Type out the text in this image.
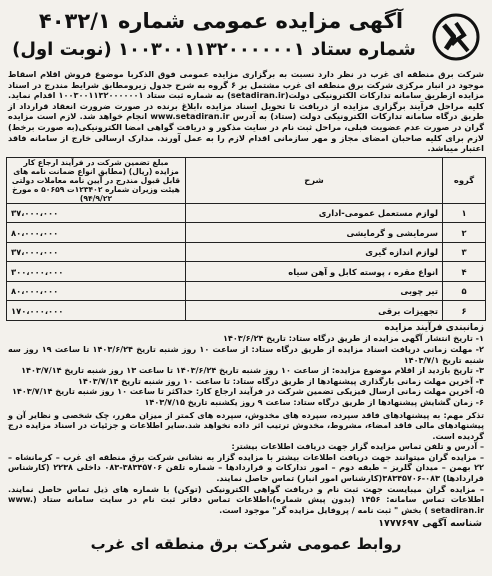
آگهی مزایده عمومی شماره ۴۰۳۲/۱
شماره ستاد ۱۰۰۳۰۰۱۱۳۲۰۰۰۰۰۰۱ (نوبت اول)
شرکت برق منطقه ای غرب در نظر دارد نسبت به برگزاری مزایده عمومی فوق الذکربا موضوع فروش اقلام اسقاط موجود در انبار مرکزی شرکت برق منطقه ای غرب مشتمل بر ۶ گروه به شرح جدول زیرومطابق شرایط مندرج در اسناد مزایده ازطریق سامانه تدارکات الکترونیکی دولت(setadiran.ir) به شماره ثبت ستاد ۱۰۰۳۰۰۱۱۳۲۰۰۰۰۰۰۱ اقدام نماید. کلیه مراحل فرآیند برگزاری مزایده از دریافت تا تحویل اسناد مزایده ،ابلاغ برنده در صورت ضرورت انعقاد قرارداد از طریق درگاه سامانه تدارکات الکترونیکی دولت (ستاد) به آدرس www.setadiran.ir انجام خواهد شد. لازم است مزایده گران در صورت عدم عضویت قبلی، مراحل ثبت نام در سایت مذکور و دریافت گواهی امضا الکترونیکی(به صورت برخط) لازم برای کلیه صاحبان امضای مجاز و مهر سازمانی اقدام لازم را به عمل آورند. مدارک ارسالی خارج از سامانه فاقد اعتبار میباشد.
گروه	شرح	مبلغ تضمین شرکت در فرآیند ارجاع کار مزایده (ریال) (مطابق انواع ضمانت نامه های قابل قبول مندرج در آیین نامه معاملات دولتی هیئت وزیران شماره ۱۲۳۴۰۲ت ۵۰۶۵۹ ه مورخ ۹۴/۹/۲۲)
۱	لوازم مستعمل عمومی-اداری	۳۷،۰۰۰،۰۰۰
۲	سرمایشی و گرمایشی	۸۰،۰۰۰،۰۰۰
۳	لوازم اندازه گیری	۳۷،۰۰۰،۰۰۰
۴	انواع مقره ، پوسته کابل و آهن سیاه	۳۰۰،۰۰۰،۰۰۰
۵	تیر چوبی	۸۰،۰۰۰،۰۰۰
۶	تجهیزات برقی	۱۷۰،۰۰۰،۰۰۰
زمانبندی فرآیند مزایده
۱- تاریخ انتشار آگهی مزایده از طریق درگاه ستاد: تاریخ ۱۴۰۳/۶/۲۴
۲- مهلت زمانی دریافت اسناد مزایده از طریق درگاه ستاد: از ساعت ۱۰ روز شنبه تاریخ ۱۴۰۳/۶/۲۴ تا ساعت ۱۹ روز سه شنبه تاریخ ۱۴۰۳/۷/۱
۳- تاریخ بازدید از اقلام موضوع مزایده: از ساعت ۱۰ روز شنبه تاریخ ۱۴۰۳/۶/۲۴ تا ساعت ۱۳ روز شنبه تاریخ ۱۴۰۳/۷/۱۴
۴- آخرین مهلت زمانی بارگذاری پیشنهادها از طریق درگاه ستاد: تا ساعت ۱۰ روز شنبه تاریخ ۱۴۰۳/۷/۱۴
۵- آخرین مهلت زمانی ارسال فیزیکی تضمین شرکت در فرآیند ارجاع کار: حداکثر تا ساعت ۱۰ روز شنبه تاریخ ۱۴۰۳/۷/۱۴
۶- زمان گشایش پیشنهادها از طریق درگاه ستاد: ساعت ۹ روز یکشنبه تاریخ ۱۴۰۳/۷/۱۵
تذکر مهم: به پیشنهادهای فاقد سپرده، سپرده های مخدوش، سپرده های کمتر از میزان مقرر، چک شخصی و نظایر آن و پیشنهادهای مالی فاقد امضاء، مشروط، مخدوش ترتیب اثر داده نخواهد شد.سایر اطلاعات و جزئیات در اسناد مزایده درج گردیده است.
– آدرس و تلفن تماس مزایده گزار جهت دریافت اطلاعات بیشتر:
– مزایده گران میتوانند جهت دریافت اطلاعات بیشتر با مزایده گزار به نشانی شرکت برق منطقه ای غرب – کرمانشاه – ۲۲ بهمن – میدان گلریز – طبقه دوم – امور تدارکات و قراردادها – شماره تلفن ۳۸۳۴۵۷۰۶-۰۸۳ داخلی ۲۲۳۸ (کارشناس قراردادها) ۰۸۳-۳۸۳۴۵۷۰۶(کارشناس امور انبار) تماس حاصل نمایند.
– مزایده گران میبایست جهت ثبت نام و دریافت گواهی الکترونیکی (توکن) با شماره های ذیل تماس حاصل نمایند. اطلاعات تماس سامانه: ۱۴۵۶ (بدون پیش شماره)،اطلاعات تماس دفاتر ثبت نام در سایت سامانه ستاد (www. setadiran.ir ) بخش " ثبت نامه / پروفایل مزایده گر" موجود است.
شناسه آگهی ۱۷۷۷۶۹۷
روابط عمومی شرکت برق منطقه ای غرب
